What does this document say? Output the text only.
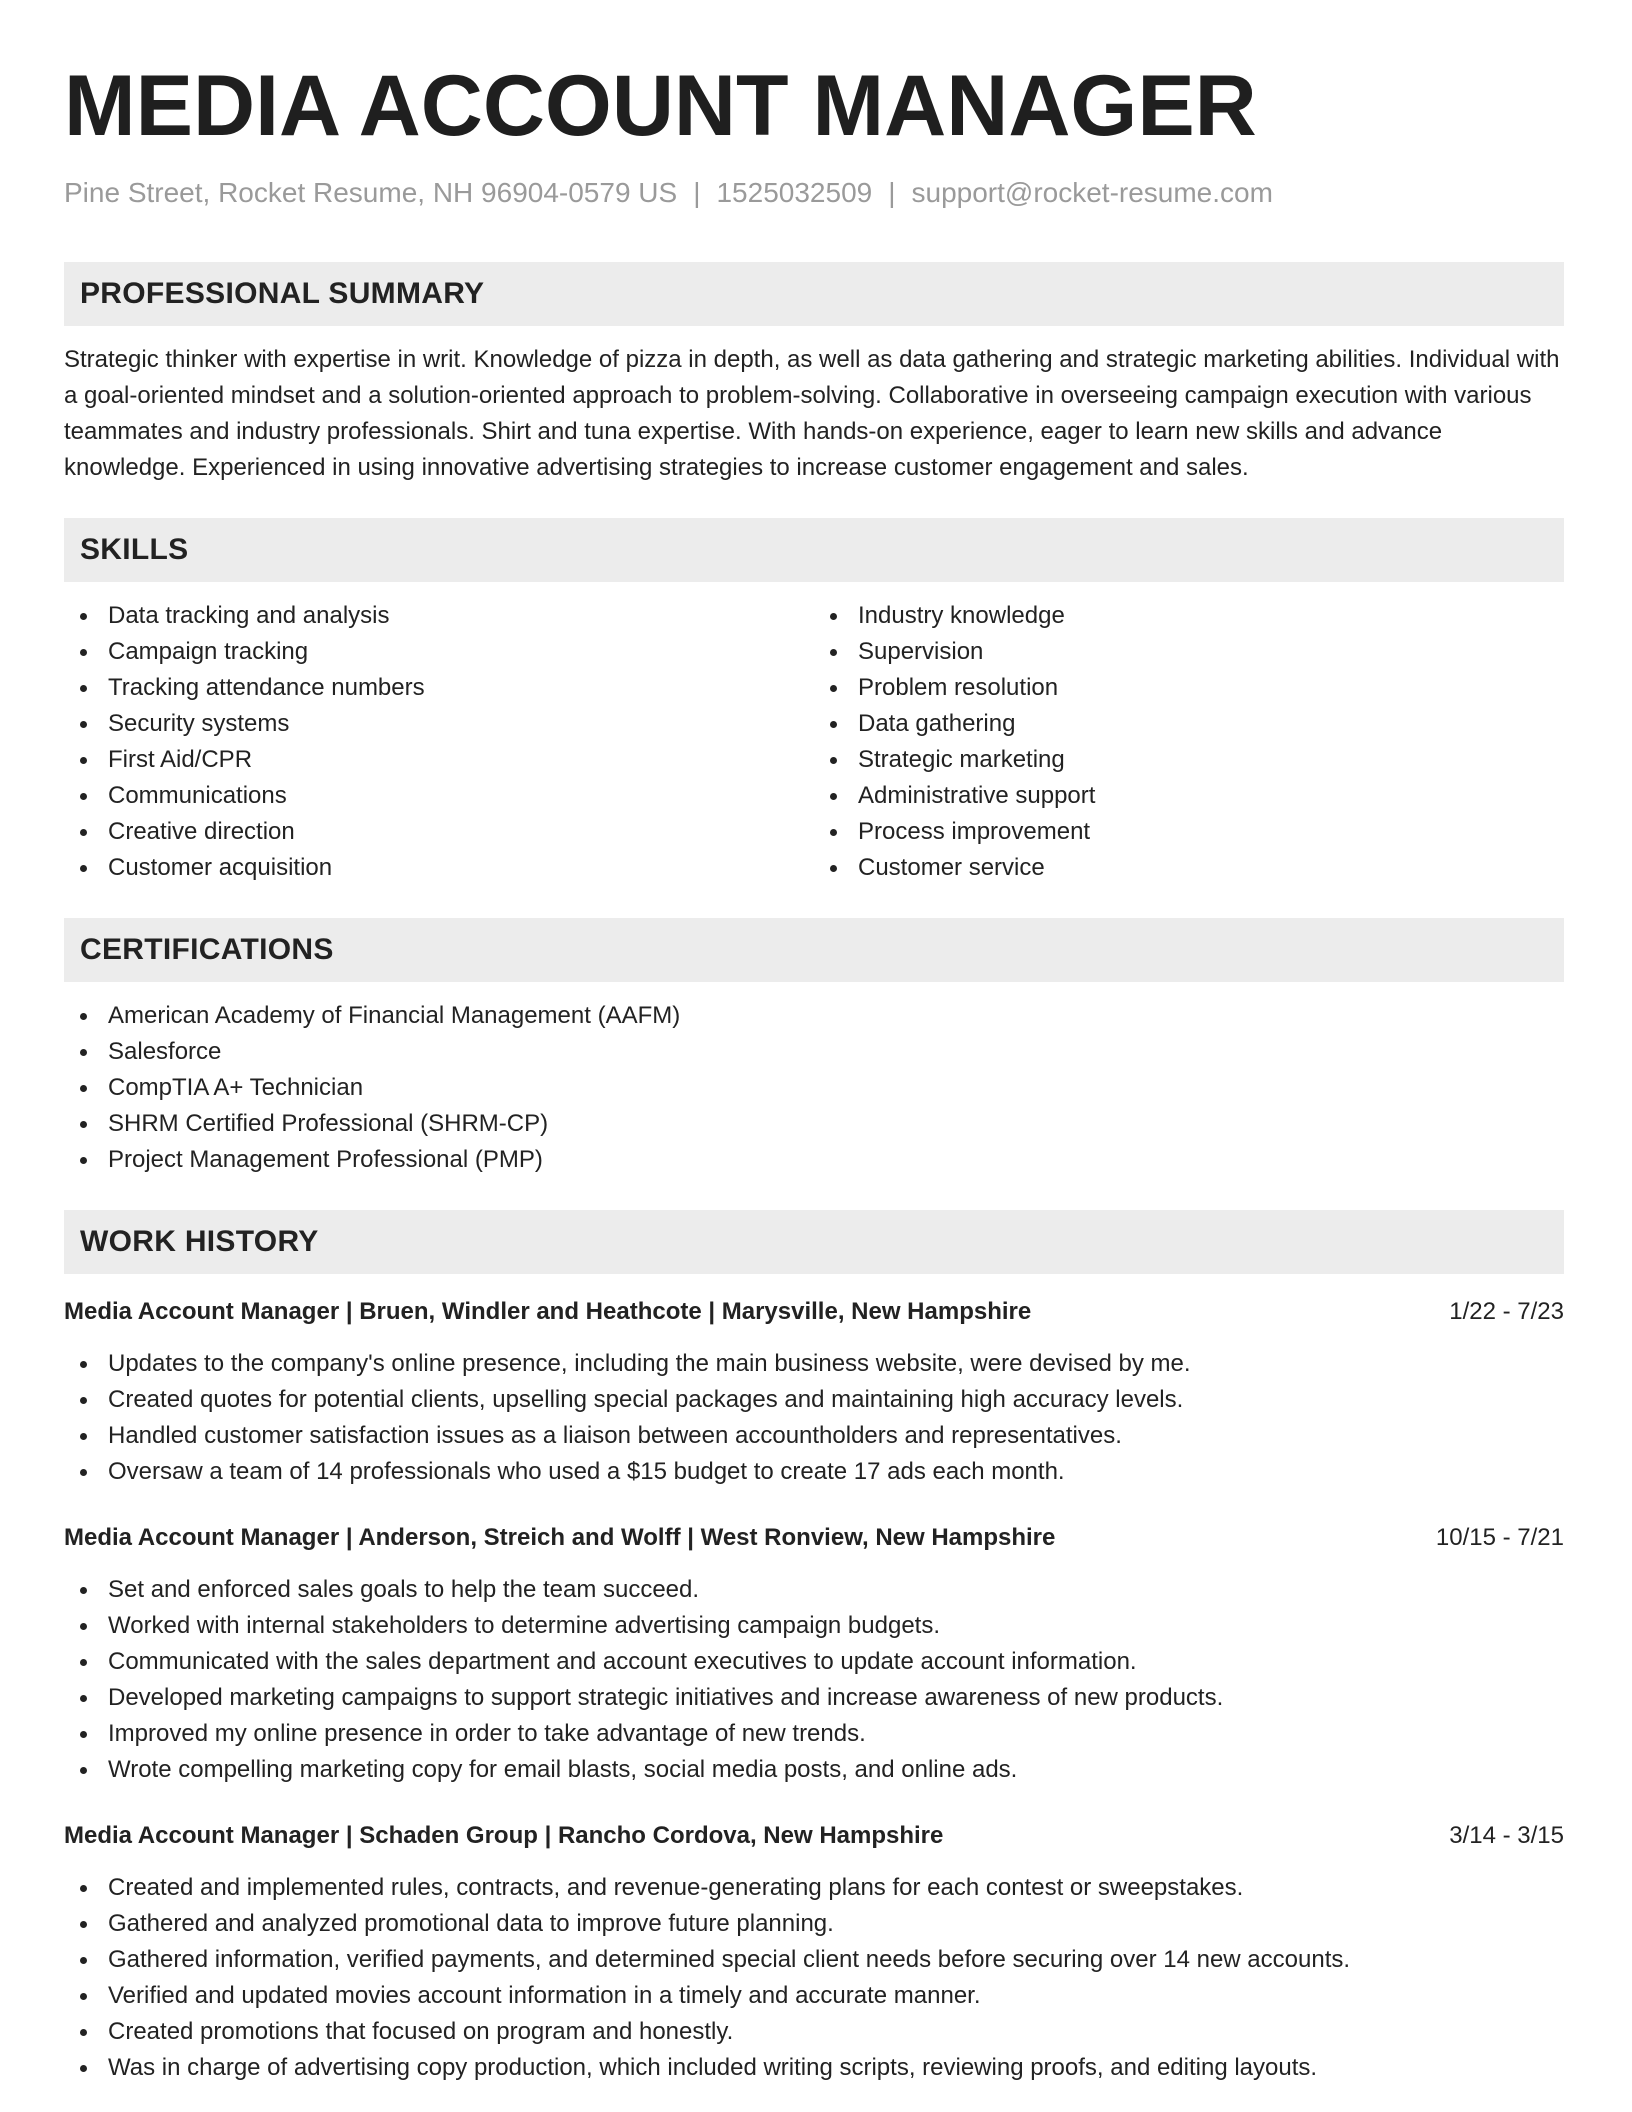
MEDIA ACCOUNT MANAGER
Pine Street, Rocket Resume, NH 96904-0579 US | 1525032509 | support@rocket-resume.com
PROFESSIONAL SUMMARY
Strategic thinker with expertise in writ. Knowledge of pizza in depth, as well as data gathering and strategic marketing abilities. Individual with a goal-oriented mindset and a solution-oriented approach to problem-solving. Collaborative in overseeing campaign execution with various teammates and industry professionals. Shirt and tuna expertise. With hands-on experience, eager to learn new skills and advance knowledge. Experienced in using innovative advertising strategies to increase customer engagement and sales.
SKILLS
Data tracking and analysis
Campaign tracking
Tracking attendance numbers
Security systems
First Aid/CPR
Communications
Creative direction
Customer acquisition
Industry knowledge
Supervision
Problem resolution
Data gathering
Strategic marketing
Administrative support
Process improvement
Customer service
CERTIFICATIONS
American Academy of Financial Management (AAFM)
Salesforce
CompTIA A+ Technician
SHRM Certified Professional (SHRM-CP)
Project Management Professional (PMP)
WORK HISTORY
Media Account Manager | Bruen, Windler and Heathcote | Marysville, New Hampshire	1/22 - 7/23
Updates to the company's online presence, including the main business website, were devised by me.
Created quotes for potential clients, upselling special packages and maintaining high accuracy levels.
Handled customer satisfaction issues as a liaison between accountholders and representatives.
Oversaw a team of 14 professionals who used a $15 budget to create 17 ads each month.
Media Account Manager | Anderson, Streich and Wolff | West Ronview, New Hampshire	10/15 - 7/21
Set and enforced sales goals to help the team succeed.
Worked with internal stakeholders to determine advertising campaign budgets.
Communicated with the sales department and account executives to update account information.
Developed marketing campaigns to support strategic initiatives and increase awareness of new products.
Improved my online presence in order to take advantage of new trends.
Wrote compelling marketing copy for email blasts, social media posts, and online ads.
Media Account Manager | Schaden Group | Rancho Cordova, New Hampshire	3/14 - 3/15
Created and implemented rules, contracts, and revenue-generating plans for each contest or sweepstakes.
Gathered and analyzed promotional data to improve future planning.
Gathered information, verified payments, and determined special client needs before securing over 14 new accounts.
Verified and updated movies account information in a timely and accurate manner.
Created promotions that focused on program and honestly.
Was in charge of advertising copy production, which included writing scripts, reviewing proofs, and editing layouts.
